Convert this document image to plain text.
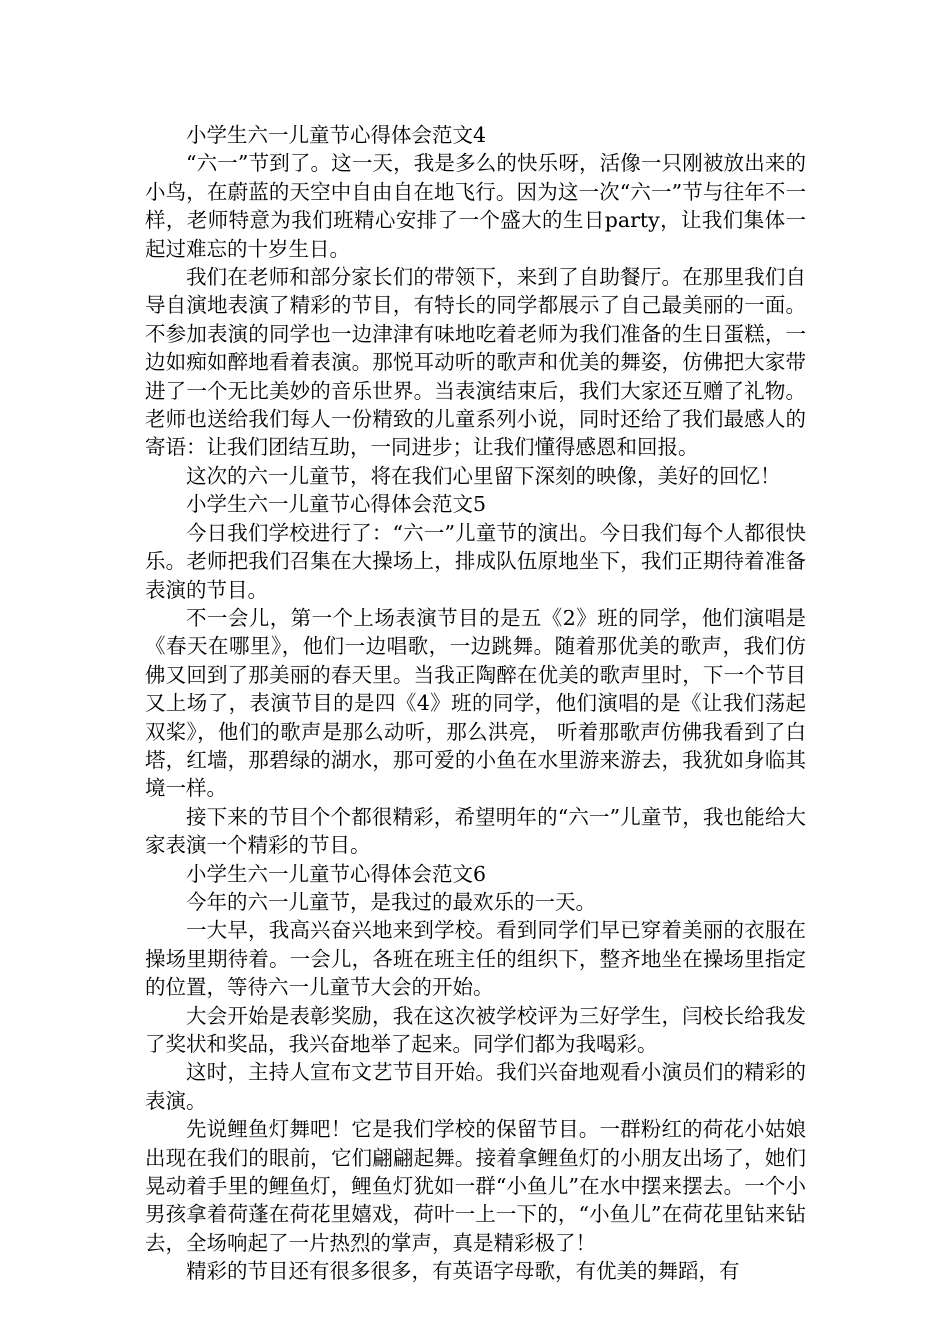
小学生六一儿童节心得体会范文4

“六一”节到了。这一天，我是多么的快乐呀，活像一只刚被放出来的小鸟，在蔚蓝的天空中自由自在地飞行。因为这一次“六一”节与往年不一样，老师特意为我们班精心安排了一个盛大的生日party，让我们集体一起过难忘的十岁生日。

我们在老师和部分家长们的带领下，来到了自助餐厅。在那里我们自导自演地表演了精彩的节目，有特长的同学都展示了自己最美丽的一面。不参加表演的同学也一边津津有味地吃着老师为我们准备的生日蛋糕，一边如痴如醉地看着表演。那悦耳动听的歌声和优美的舞姿，仿佛把大家带进了一个无比美妙的音乐世界。当表演结束后，我们大家还互赠了礼物。老师也送给我们每人一份精致的儿童系列小说，同时还给了我们最感人的寄语：让我们团结互助，一同进步；让我们懂得感恩和回报。

这次的六一儿童节，将在我们心里留下深刻的映像，美好的回忆！

小学生六一儿童节心得体会范文5

今日我们学校进行了：“六一”儿童节的演出。今日我们每个人都很快乐。老师把我们召集在大操场上，排成队伍原地坐下，我们正期待着准备表演的节目。

不一会儿，第一个上场表演节目的是五《2》班的同学，他们演唱是《春天在哪里》，他们一边唱歌，一边跳舞。随着那优美的歌声，我们仿佛又回到了那美丽的春天里。当我正陶醉在优美的歌声里时，下一个节目又上场了，表演节目的是四《4》班的同学，他们演唱的是《让我们荡起双桨》，他们的歌声是那么动听，那么洪亮， 听着那歌声仿佛我看到了白塔，红墙，那碧绿的湖水，那可爱的小鱼在水里游来游去，我犹如身临其境一样。

接下来的节目个个都很精彩，希望明年的“六一”儿童节，我也能给大家表演一个精彩的节目。

小学生六一儿童节心得体会范文6

今年的六一儿童节，是我过的最欢乐的一天。

一大早，我高兴奋兴地来到学校。看到同学们早已穿着美丽的衣服在操场里期待着。一会儿，各班在班主任的组织下，整齐地坐在操场里指定的位置，等待六一儿童节大会的开始。

大会开始是表彰奖励，我在这次被学校评为三好学生，闫校长给我发了奖状和奖品，我兴奋地举了起来。同学们都为我喝彩。

这时，主持人宣布文艺节目开始。我们兴奋地观看小演员们的精彩的表演。

先说鲤鱼灯舞吧！它是我们学校的保留节目。一群粉红的荷花小姑娘出现在我们的眼前，它们翩翩起舞。接着拿鲤鱼灯的小朋友出场了，她们晃动着手里的鲤鱼灯，鲤鱼灯犹如一群“小鱼儿”在水中摆来摆去。一个小男孩拿着荷蓬在荷花里嬉戏，荷叶一上一下的，“小鱼儿”在荷花里钻来钻去，全场响起了一片热烈的掌声，真是精彩极了！

精彩的节目还有很多很多，有英语字母歌，有优美的舞蹈，有
